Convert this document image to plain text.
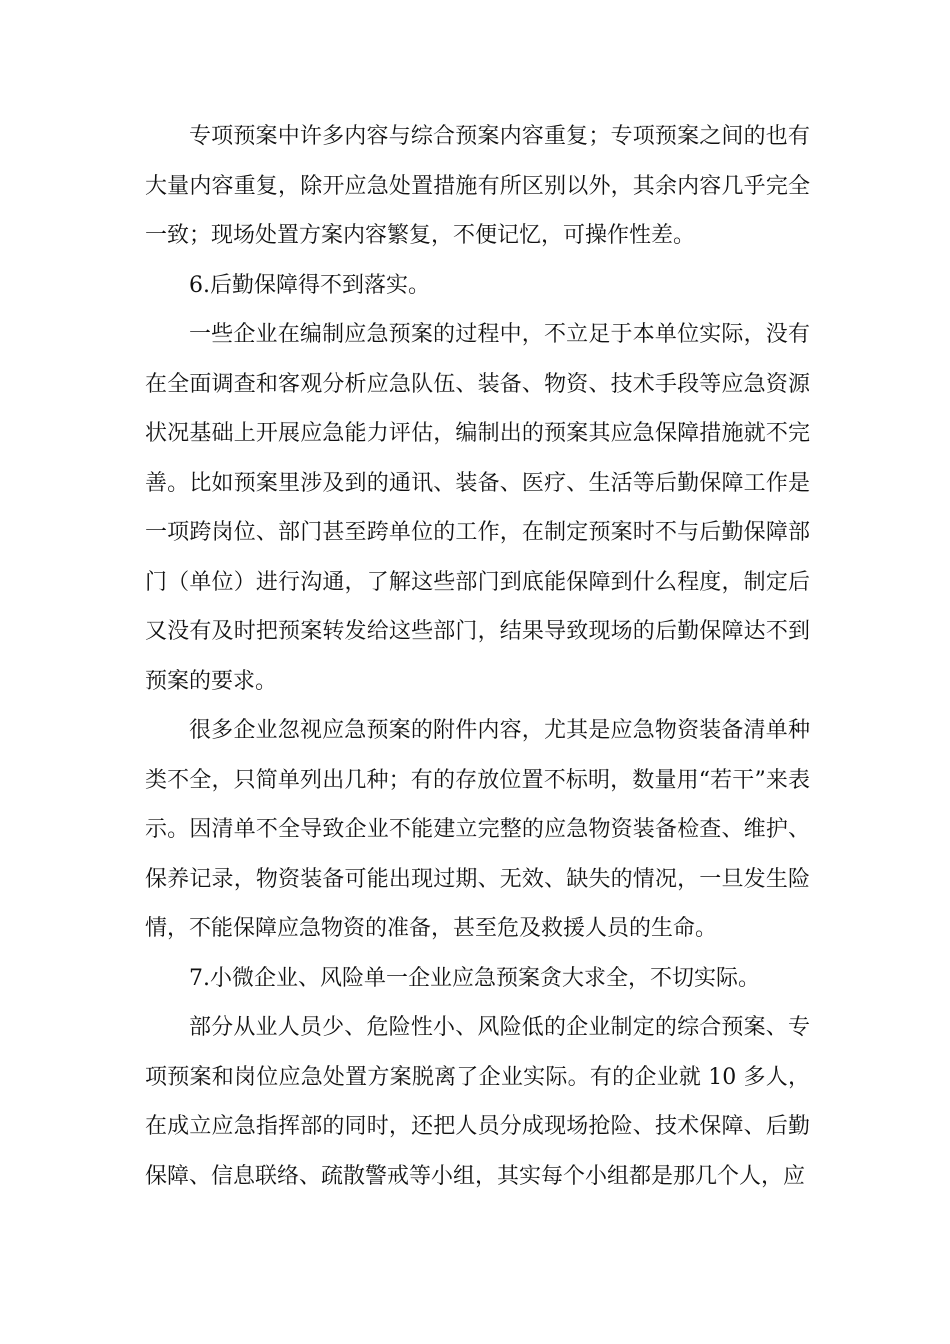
专项预案中许多内容与综合预案内容重复；专项预案之间的也有大量内容重复，除开应急处置措施有所区别以外，其余内容几乎完全一致；现场处置方案内容繁复，不便记忆，可操作性差。

6.后勤保障得不到落实。

一些企业在编制应急预案的过程中，不立足于本单位实际，没有在全面调查和客观分析应急队伍、装备、物资、技术手段等应急资源状况基础上开展应急能力评估，编制出的预案其应急保障措施就不完善。比如预案里涉及到的通讯、装备、医疗、生活等后勤保障工作是一项跨岗位、部门甚至跨单位的工作，在制定预案时不与后勤保障部门（单位）进行沟通，了解这些部门到底能保障到什么程度，制定后又没有及时把预案转发给这些部门，结果导致现场的后勤保障达不到预案的要求。

很多企业忽视应急预案的附件内容，尤其是应急物资装备清单种类不全，只简单列出几种；有的存放位置不标明，数量用“若干”来表示。因清单不全导致企业不能建立完整的应急物资装备检查、维护、保养记录，物资装备可能出现过期、无效、缺失的情况，一旦发生险情，不能保障应急物资的准备，甚至危及救援人员的生命。

7.小微企业、风险单一企业应急预案贪大求全，不切实际。

部分从业人员少、危险性小、风险低的企业制定的综合预案、专项预案和岗位应急处置方案脱离了企业实际。有的企业就 10 多人，在成立应急指挥部的同时，还把人员分成现场抢险、技术保障、后勤保障、信息联络、疏散警戒等小组，其实每个小组都是那几个人，应
